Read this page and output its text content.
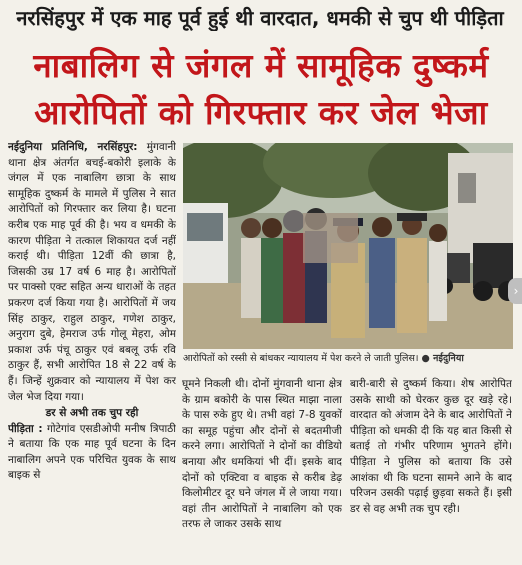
नरसिंहपुर में एक माह पूर्व हुई थी वारदात, धमकी से चुप थी पीड़िता
नाबालिग से जंगल में सामूहिक दुष्कर्म
आरोपितों को गिरफ्तार कर जेल भेजा

नईदुनिया प्रतिनिधि, नरसिंहपुर: मुंगवानी थाना क्षेत्र अंतर्गत बचई-बकोरी इलाके के जंगल में एक नाबालिग छात्रा के साथ सामूहिक दुष्कर्म के मामले में पुलिस ने सात आरोपितों को गिरफ्तार कर लिया है। घटना करीब एक माह पूर्व की है। भय व धमकी के कारण पीड़िता ने तत्काल शिकायत दर्ज नहीं कराई थी। पीड़िता 12वीं की छात्रा है, जिसकी उम्र 17 वर्ष 6 माह है। आरोपितों पर पाक्सो एक्ट सहित अन्य धाराओं के तहत प्रकरण दर्ज किया गया है। आरोपितों में जय सिंह ठाकुर, राहुल ठाकुर, गणेश ठाकुर, अनुराग दुबे, हेमराज उर्फ गोलू मेहरा, ओम प्रकाश उर्फ पंचू ठाकुर एवं बबलू उर्फ रवि ठाकुर हैं, सभी आरोपित 18 से 22 वर्ष के हैं। जिन्हें शुक्रवार को न्यायालय में पेश कर जेल भेज दिया गया।

डर से अभी तक चुप रही

पीड़िता : गोटेगांव एसडीओपी मनीष त्रिपाठी ने बताया कि एक माह पूर्व घटना के दिन नाबालिग अपने एक परिचित युवक के साथ बाइक से

आरोपितों को रस्सी से बांधकर न्यायालय में पेश करने ले जाती पुलिस। ● नईदुनिया

घूमने निकली थी। दोनों मुंगवानी थाना क्षेत्र के ग्राम बकोरी के पास स्थित माझा नाला के पास रुके हुए थे। तभी वहां 7-8 युवकों का समूह पहुंचा और दोनों से बदतमीजी करने लगा। आरोपितों ने दोनों का वीडियो बनाया और धमकियां भी दीं। इसके बाद दोनों को एक्टिवा व बाइक से करीब डेढ़ किलोमीटर दूर घने जंगल में ले जाया गया। वहां तीन आरोपितों ने नाबालिग को एक तरफ ले जाकर उसके साथ

बारी-बारी से दुष्कर्म किया। शेष आरोपित उसके साथी को घेरकर कुछ दूर खड़े रहे। वारदात को अंजाम देने के बाद आरोपितों ने पीड़िता को धमकी दी कि यह बात किसी से बताई तो गंभीर परिणाम भुगतने होंगे। पीड़िता ने पुलिस को बताया कि उसे आशंका थी कि घटना सामने आने के बाद परिजन उसकी पढ़ाई छुड़वा सकते हैं। इसी डर से वह अभी तक चुप रही।

›
